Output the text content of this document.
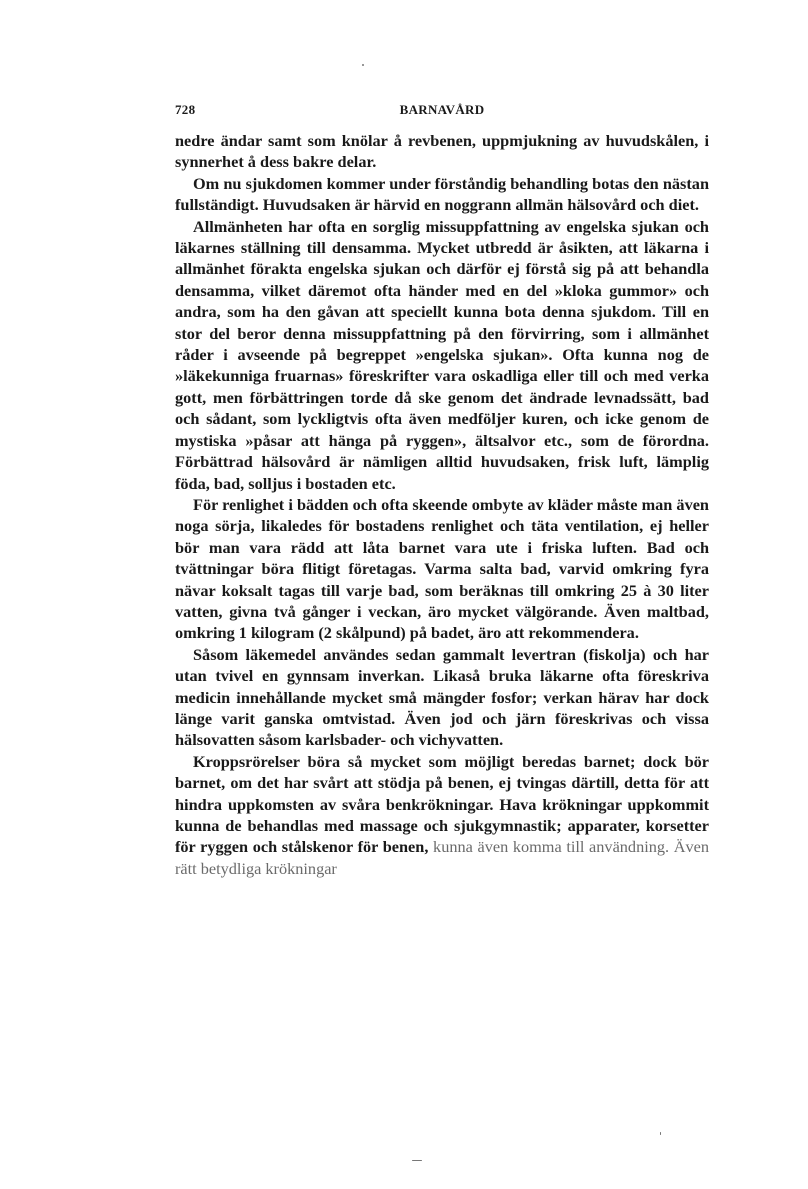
728	BARNAVÅRD

nedre ändar samt som knölar å revbenen, uppmjukning av huvudskålen, i synnerhet å dess bakre delar.

Om nu sjukdomen kommer under förståndig behandling botas den nästan fullständigt. Huvudsaken är härvid en noggrann allmän hälsovård och diet.

Allmänheten har ofta en sorglig missuppfattning av engelska sjukan och läkarnes ställning till densamma. Mycket utbredd är åsikten, att läkarna i allmänhet förakta engelska sjukan och därför ej förstå sig på att behandla densamma, vilket däremot ofta händer med en del »kloka gummor» och andra, som ha den gåvan att speciellt kunna bota denna sjukdom. Till en stor del beror denna missuppfattning på den förvirring, som i allmänhet råder i avseende på begreppet »engelska sjukan». Ofta kunna nog de »läkekunniga fruarnas» föreskrifter vara oskadliga eller till och med verka gott, men förbättringen torde då ske genom det ändrade levnadssätt, bad och sådant, som lyckligtvis ofta även medföljer kuren, och icke genom de mystiska »påsar att hänga på ryggen», ältsalvor etc., som de förordna. Förbättrad hälsovård är nämligen alltid huvudsaken, frisk luft, lämplig föda, bad, solljus i bostaden etc.

För renlighet i bädden och ofta skeende ombyte av kläder måste man även noga sörja, likaledes för bostadens renlighet och täta ventilation, ej heller bör man vara rädd att låta barnet vara ute i friska luften. Bad och tvättningar böra flitigt företagas. Varma salta bad, varvid omkring fyra nävar koksalt tagas till varje bad, som beräknas till omkring 25 à 30 liter vatten, givna två gånger i veckan, äro mycket välgörande. Även maltbad, omkring 1 kilogram (2 skålpund) på badet, äro att rekommendera.

Såsom läkemedel användes sedan gammalt levertran (fiskolja) och har utan tvivel en gynnsam inverkan. Likaså bruka läkarne ofta föreskriva medicin innehållande mycket små mängder fosfor; verkan härav har dock länge varit ganska omtvistad. Även jod och järn föreskrivas och vissa hälsovatten såsom karlsbader- och vichyvatten.

Kroppsrörelser böra så mycket som möjligt beredas barnet; dock bör barnet, om det har svårt att stödja på benen, ej tvingas därtill, detta för att hindra uppkomsten av svåra benkrökningar. Hava krökningar uppkommit kunna de behandlas med massage och sjukgymnastik; apparater, korsetter för ryggen och stålskenor för benen, kunna även komma till användning. Även rätt betydliga krökningar
